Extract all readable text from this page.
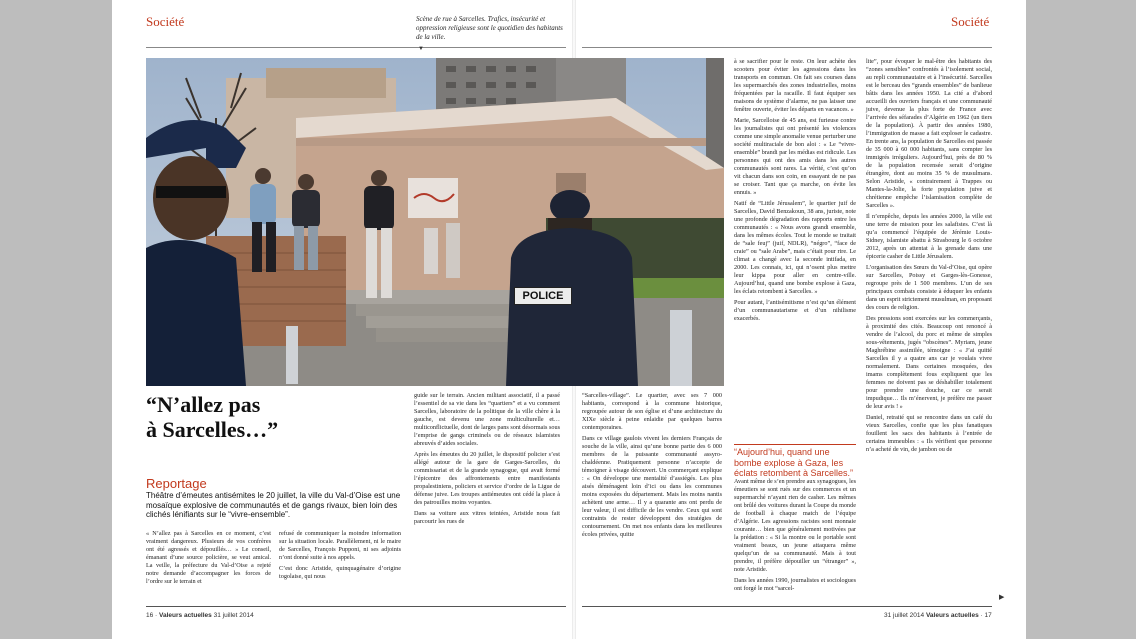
Société	Société
Scène de rue à Sarcelles. Trafics, insécurité et oppression religieuse sont le quotidien des habitants de la ville.
▼
POLICE
“N’allez pas
à Sarcelles…”
Reportage
Théâtre d’émeutes antisémites le 20 juillet, la ville du Val-d’Oise est une mosaïque explosive de communautés et de gangs rivaux, bien loin des clichés lénifiants sur le “vivre-ensemble”.

« N’allez pas à Sarcelles en ce moment, c’est vraiment dangereux. Plusieurs de vos confrères ont été agressés et dépouillés… » Le conseil, émanant d’une source policière, se veut amical. La veille, la préfecture du Val-d’Oise a rejeté notre demande d’accompagner les forces de l’ordre sur le terrain et

refusé de communiquer la moindre information sur la situation locale. Parallèlement, ni le maire de Sarcelles, François Pupponi, ni ses adjoints n’ont donné suite à nos appels.

C’est donc Aristide, quinquagénaire d’origine togolaise, qui nous

guide sur le terrain. Ancien militant associatif, il a passé l’essentiel de sa vie dans les “quartiers” et a vu comment Sarcelles, laboratoire de la politique de la ville chère à la gauche, est devenu une zone multiculturelle et… multiconflictuelle, dont de larges pans sont désormais sous l’emprise de gangs criminels ou de réseaux islamistes abreuvés d’aides sociales.

Après les émeutes du 20 juillet, le dispositif policier s’est allégé autour de la gare de Garges-Sarcelles, du commissariat et de la grande synagogue, qui avait formé l’épicentre des affrontements entre manifestants propalestiniens, policiers et service d’ordre de la Ligue de défense juive. Les troupes antiémeutes ont cédé la place à des patrouilles moins voyantes.

Dans sa voiture aux vitres teintées, Aristide nous fait parcourir les rues de

“Sarcelles-village”. Le quartier, avec ses 7 000 habitants, correspond à la commune historique, regroupée autour de son église et d’une architecture du XIXe siècle à peine enlaidie par quelques barres contemporaines.

Dans ce village gaulois vivent les derniers Français de souche de la ville, ainsi qu’une bonne partie des 6 000 membres de la puissante communauté assyro-chaldéenne. Pratiquement personne n’accepte de témoigner à visage découvert. Un commerçant explique : « On développe une mentalité d’assiégés. Les plus aisés déménagent loin d’ici ou dans les communes moins exposées du département. Mais les moins nantis achètent une arme… Il y a quarante ans ont perdu de leur valeur, il est difficile de les vendre. Ceux qui sont contraints de rester développent des stratégies de contournement. On met nos enfants dans les meilleures écoles privées, quitte

à se sacrifier pour le reste. On leur achète des scooters pour éviter les agressions dans les transports en commun. On fait ses courses dans les supermarchés des zones industrielles, moins fréquentées par la racaille. Il faut équiper ses maisons de système d’alarme, ne pas laisser une fenêtre ouverte, éviter les départs en vacances. »

Marie, Sarcelloise de 45 ans, est furieuse contre les journalistes qui ont présenté les violences comme une simple anomalie venue perturber une société multiraciale de bon aloi : « Le “vivre-ensemble” brandi par les médias est ridicule. Les personnes qui ont des amis dans les autres communautés sont rares. La vérité, c’est qu’on vit chacun dans son coin, en essayant de ne pas se croiser. Tant que ça marche, on évite les ennuis. »

Natif de “Little Jérusalem”, le quartier juif de Sarcelles, David Benzakoun, 38 ans, juriste, note une profonde dégradation des rapports entre les communautés : « Nous avons grandi ensemble, dans les mêmes écoles. Tout le monde se traitait de “sale feuj” (juif, NDLR), “négro”, “face de craie” ou “sale Arabe”, mais c’était pour rire. Le climat a changé avec la seconde intifada, en 2000. Les connais, ici, qui n’osent plus mettre leur kippa pour aller en centre-ville. Aujourd’hui, quand une bombe explose à Gaza, les éclats retombent à Sarcelles. »

Pour autant, l’antisémitisme n’est qu’un élément d’un communautarisme et d’un nihilisme exacerbés.

“Aujourd’hui, quand une bombe explose à Gaza, les éclats retombent à Sarcelles.”

Avant même de s’en prendre aux synagogues, les émeutiers se sont rués sur des commerces et un supermarché n’ayant rien de casher. Les mêmes ont brûlé des voitures durant la Coupe du monde de football à chaque match de l’équipe d’Algérie. Les agressions racistes sont monnaie courante… bien que généralement motivées par la prédation : « Si la montre ou le portable sont vraiment beaux, un jeune attaquera même quelqu’un de sa communauté. Mais à tout prendre, il préfère dépouiller un “étranger” », note Aristide.

Dans les années 1990, journalistes et sociologues ont forgé le mot “sarcel-

lite”, pour évoquer le mal-être des habitants des “zones sensibles” confrontés à l’isolement social, au repli communautaire et à l’insécurité. Sarcelles est le berceau des “grands ensembles” de banlieue bâtis dans les années 1950. La cité a d’abord accueilli des ouvriers français et une communauté juive, devenue la plus forte de France avec l’arrivée des séfarades d’Algérie en 1962 (un tiers de la population). À partir des années 1980, l’immigration de masse a fait exploser le cadastre. En trente ans, la population de Sarcelles est passée de 35 000 à 60 000 habitants, sans compter les immigrés irréguliers. Aujourd’hui, près de 80 % de la population recensée serait d’origine étrangère, dont au moins 35 % de musulmans. Selon Aristide, « contrairement à Trappes ou Mantes-la-Jolie, la forte population juive et chrétienne empêche l’islamisation complète de Sarcelles ».

Il n’empêche, depuis les années 2000, la ville est une terre de mission pour les salafistes. C’est là qu’a commencé l’équipée de Jérémie Louis-Sidney, islamiste abattu à Strasbourg le 6 octobre 2012, après un attentat à la grenade dans une épicerie casher de Little Jérusalem.

L’organisation des Sœurs du Val-d’Oise, qui opère sur Sarcelles, Poissy et Garges-lès-Gonesse, regroupe près de 1 500 membres. L’un de ses principaux combats consiste à éduquer les enfants dans un esprit strictement musulman, en proposant des cours de religion.

Des pressions sont exercées sur les commerçants, à proximité des cités. Beaucoup ont renoncé à vendre de l’alcool, du porc et même de simples sous-vêtements, jugés “obscènes”. Myriam, jeune Maghrébine assimilée, témoigne : « J’ai quitté Sarcelles il y a quatre ans car je voulais vivre normalement. Dans certaines mosquées, des imams complètement fous expliquent que les femmes ne doivent pas se déshabiller totalement pour prendre une douche, car ce serait impudique… Ils m’énervent, je préfère me passer de leur avis ! »

Daniel, retraité qui se rencontre dans un café du vieux Sarcelles, confie que les plus fanatiques fouillent les sacs des habitants à l’entrée de certains immeubles : « Ils vérifient que personne n’a acheté de vin, de jambon ou de

▶
16 · Valeurs actuelles 31 juillet 2014	31 juillet 2014 Valeurs actuelles · 17
